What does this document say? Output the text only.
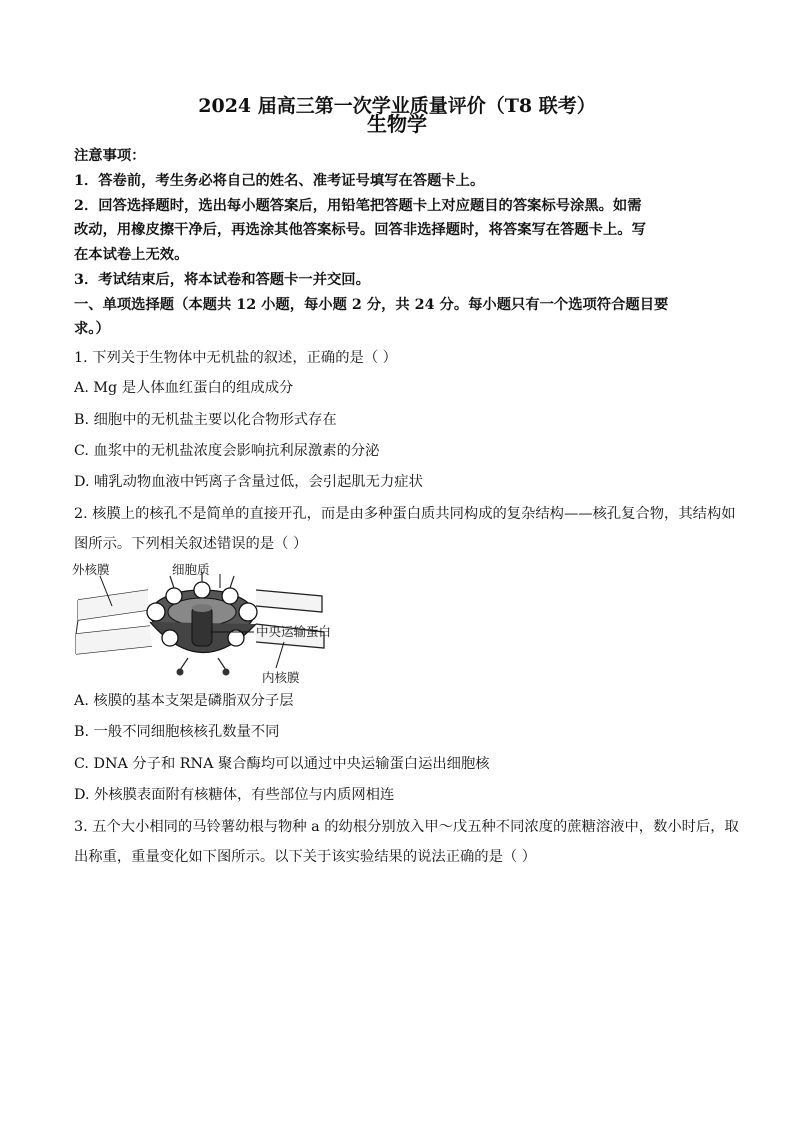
2024 届高三第一次学业质量评价（T8 联考）
生物学
注意事项：
1．答卷前，考生务必将自己的姓名、准考证号填写在答题卡上。
2．回答选择题时，选出每小题答案后，用铅笔把答题卡上对应题目的答案标号涂黑。如需
改动，用橡皮擦干净后，再选涂其他答案标号。回答非选择题时，将答案写在答题卡上。写
在本试卷上无效。
3．考试结束后，将本试卷和答题卡一并交回。
一、单项选择题（本题共 12 小题，每小题 2 分，共 24 分。每小题只有一个选项符合题目要
求。）
1. 下列关于生物体中无机盐的叙述，正确的是（ ）
A. Mg 是人体血红蛋白的组成成分
B. 细胞中的无机盐主要以化合物形式存在
C. 血浆中的无机盐浓度会影响抗利尿激素的分泌
D. 哺乳动物血液中钙离子含量过低，会引起肌无力症状
2. 核膜上的核孔不是简单的直接开孔，而是由多种蛋白质共同构成的复杂结构——核孔复合物，其结构如
图所示。下列相关叙述错误的是（ ）
外核膜	细胞质
中央运输蛋白
内核膜
A. 核膜的基本支架是磷脂双分子层
B. 一般不同细胞核核孔数量不同
C. DNA 分子和 RNA 聚合酶均可以通过中央运输蛋白运出细胞核
D. 外核膜表面附有核糖体，有些部位与内质网相连
3. 五个大小相同的马铃薯幼根与物种 a 的幼根分别放入甲～戊五种不同浓度的蔗糖溶液中，数小时后，取
出称重，重量变化如下图所示。以下关于该实验结果的说法正确的是（ ）
